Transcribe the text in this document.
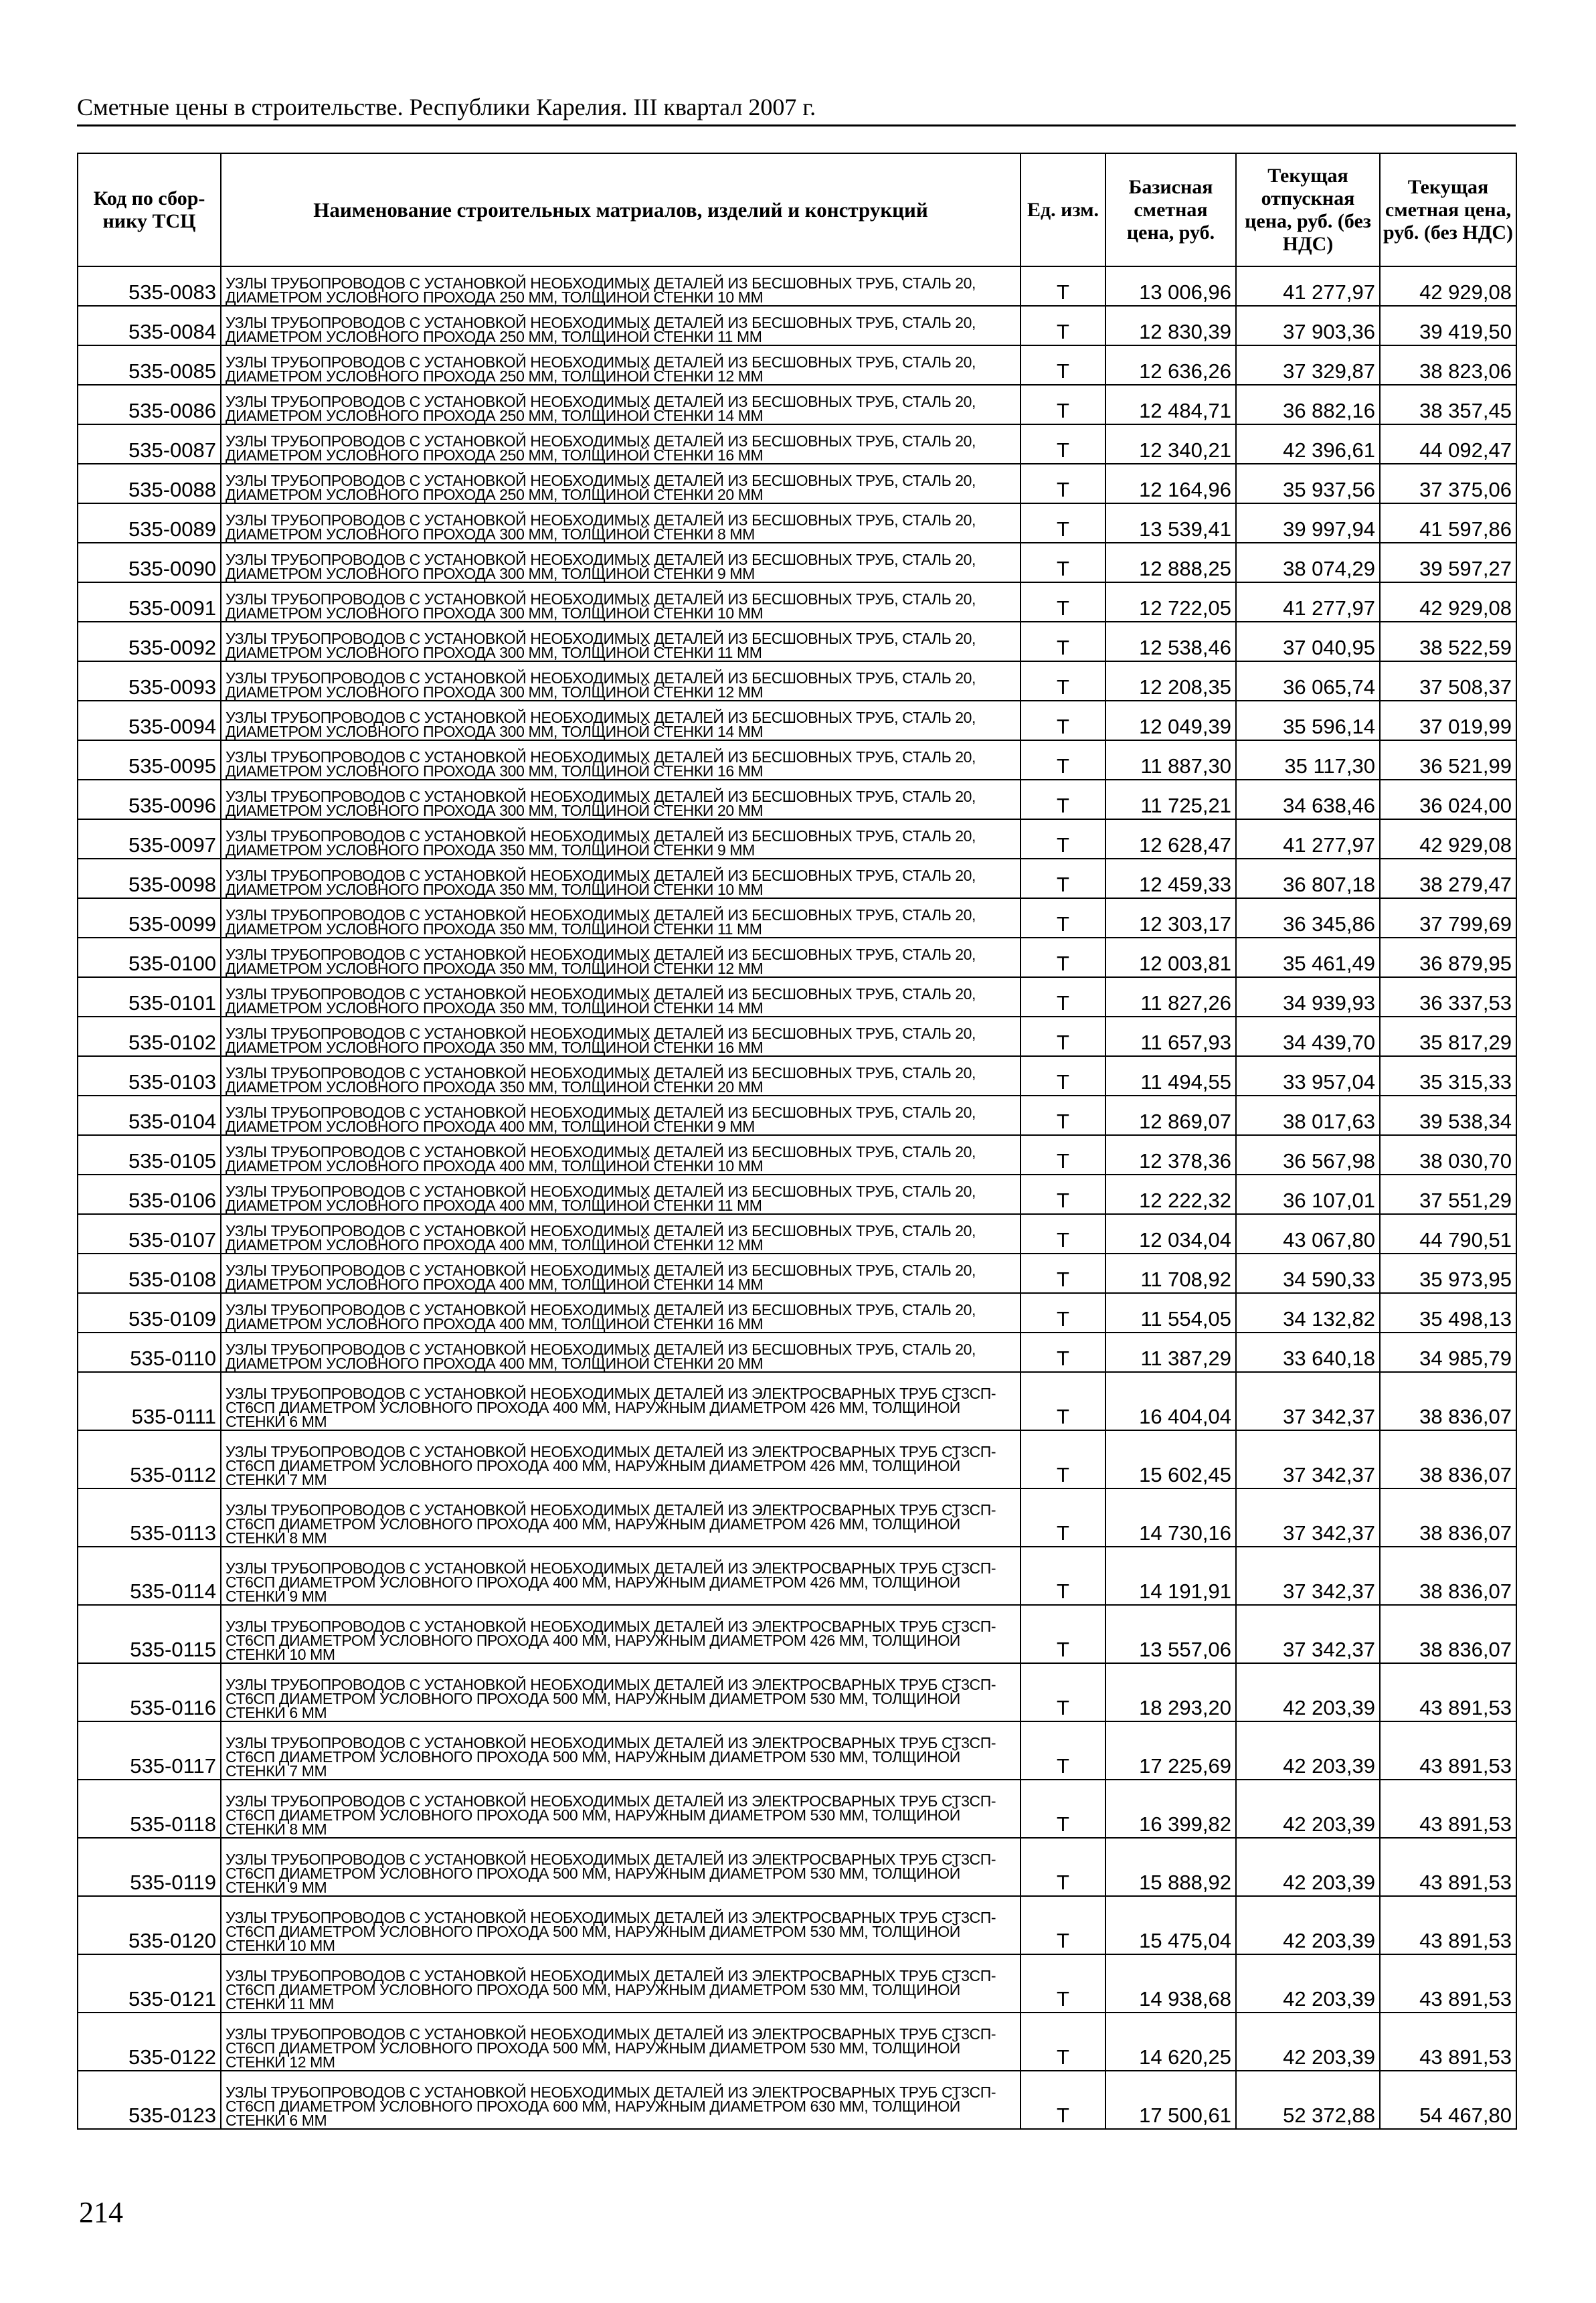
Сметные цены в строительстве. Республики Карелия. III квартал 2007 г.
Код по сбор- нику ТСЦ	Наименование строительных матриалов, изделий и конструкций	Ед. изм.	Базисная сметная цена, руб.	Текущая отпускная цена, руб. (без НДС)	Текущая сметная цена, руб. (без НДС)
535-0083	УЗЛЫ ТРУБОПРОВОДОВ С УСТАНОВКОЙ НЕОБХОДИМЫХ ДЕТАЛЕЙ ИЗ БЕСШОВНЫХ ТРУБ, СТАЛЬ 20, ДИАМЕТРОМ УСЛОВНОГО ПРОХОДА 250 ММ, ТОЛЩИНОЙ СТЕНКИ 10 ММ	Т	13 006,96	41 277,97	42 929,08
535-0084	УЗЛЫ ТРУБОПРОВОДОВ С УСТАНОВКОЙ НЕОБХОДИМЫХ ДЕТАЛЕЙ ИЗ БЕСШОВНЫХ ТРУБ, СТАЛЬ 20, ДИАМЕТРОМ УСЛОВНОГО ПРОХОДА 250 ММ, ТОЛЩИНОЙ СТЕНКИ 11 ММ	Т	12 830,39	37 903,36	39 419,50
535-0085	УЗЛЫ ТРУБОПРОВОДОВ С УСТАНОВКОЙ НЕОБХОДИМЫХ ДЕТАЛЕЙ ИЗ БЕСШОВНЫХ ТРУБ, СТАЛЬ 20, ДИАМЕТРОМ УСЛОВНОГО ПРОХОДА 250 ММ, ТОЛЩИНОЙ СТЕНКИ 12 ММ	Т	12 636,26	37 329,87	38 823,06
535-0086	УЗЛЫ ТРУБОПРОВОДОВ С УСТАНОВКОЙ НЕОБХОДИМЫХ ДЕТАЛЕЙ ИЗ БЕСШОВНЫХ ТРУБ, СТАЛЬ 20, ДИАМЕТРОМ УСЛОВНОГО ПРОХОДА 250 ММ, ТОЛЩИНОЙ СТЕНКИ 14 ММ	Т	12 484,71	36 882,16	38 357,45
535-0087	УЗЛЫ ТРУБОПРОВОДОВ С УСТАНОВКОЙ НЕОБХОДИМЫХ ДЕТАЛЕЙ ИЗ БЕСШОВНЫХ ТРУБ, СТАЛЬ 20, ДИАМЕТРОМ УСЛОВНОГО ПРОХОДА 250 ММ, ТОЛЩИНОЙ СТЕНКИ 16 ММ	Т	12 340,21	42 396,61	44 092,47
535-0088	УЗЛЫ ТРУБОПРОВОДОВ С УСТАНОВКОЙ НЕОБХОДИМЫХ ДЕТАЛЕЙ ИЗ БЕСШОВНЫХ ТРУБ, СТАЛЬ 20, ДИАМЕТРОМ УСЛОВНОГО ПРОХОДА 250 ММ, ТОЛЩИНОЙ СТЕНКИ 20 ММ	Т	12 164,96	35 937,56	37 375,06
535-0089	УЗЛЫ ТРУБОПРОВОДОВ С УСТАНОВКОЙ НЕОБХОДИМЫХ ДЕТАЛЕЙ ИЗ БЕСШОВНЫХ ТРУБ, СТАЛЬ 20, ДИАМЕТРОМ УСЛОВНОГО ПРОХОДА 300 ММ, ТОЛЩИНОЙ СТЕНКИ 8 ММ	Т	13 539,41	39 997,94	41 597,86
535-0090	УЗЛЫ ТРУБОПРОВОДОВ С УСТАНОВКОЙ НЕОБХОДИМЫХ ДЕТАЛЕЙ ИЗ БЕСШОВНЫХ ТРУБ, СТАЛЬ 20, ДИАМЕТРОМ УСЛОВНОГО ПРОХОДА 300 ММ, ТОЛЩИНОЙ СТЕНКИ 9 ММ	Т	12 888,25	38 074,29	39 597,27
535-0091	УЗЛЫ ТРУБОПРОВОДОВ С УСТАНОВКОЙ НЕОБХОДИМЫХ ДЕТАЛЕЙ ИЗ БЕСШОВНЫХ ТРУБ, СТАЛЬ 20, ДИАМЕТРОМ УСЛОВНОГО ПРОХОДА 300 ММ, ТОЛЩИНОЙ СТЕНКИ 10 ММ	Т	12 722,05	41 277,97	42 929,08
535-0092	УЗЛЫ ТРУБОПРОВОДОВ С УСТАНОВКОЙ НЕОБХОДИМЫХ ДЕТАЛЕЙ ИЗ БЕСШОВНЫХ ТРУБ, СТАЛЬ 20, ДИАМЕТРОМ УСЛОВНОГО ПРОХОДА 300 ММ, ТОЛЩИНОЙ СТЕНКИ 11 ММ	Т	12 538,46	37 040,95	38 522,59
535-0093	УЗЛЫ ТРУБОПРОВОДОВ С УСТАНОВКОЙ НЕОБХОДИМЫХ ДЕТАЛЕЙ ИЗ БЕСШОВНЫХ ТРУБ, СТАЛЬ 20, ДИАМЕТРОМ УСЛОВНОГО ПРОХОДА 300 ММ, ТОЛЩИНОЙ СТЕНКИ 12 ММ	Т	12 208,35	36 065,74	37 508,37
535-0094	УЗЛЫ ТРУБОПРОВОДОВ С УСТАНОВКОЙ НЕОБХОДИМЫХ ДЕТАЛЕЙ ИЗ БЕСШОВНЫХ ТРУБ, СТАЛЬ 20, ДИАМЕТРОМ УСЛОВНОГО ПРОХОДА 300 ММ, ТОЛЩИНОЙ СТЕНКИ 14 ММ	Т	12 049,39	35 596,14	37 019,99
535-0095	УЗЛЫ ТРУБОПРОВОДОВ С УСТАНОВКОЙ НЕОБХОДИМЫХ ДЕТАЛЕЙ ИЗ БЕСШОВНЫХ ТРУБ, СТАЛЬ 20, ДИАМЕТРОМ УСЛОВНОГО ПРОХОДА 300 ММ, ТОЛЩИНОЙ СТЕНКИ 16 ММ	Т	11 887,30	35 117,30	36 521,99
535-0096	УЗЛЫ ТРУБОПРОВОДОВ С УСТАНОВКОЙ НЕОБХОДИМЫХ ДЕТАЛЕЙ ИЗ БЕСШОВНЫХ ТРУБ, СТАЛЬ 20, ДИАМЕТРОМ УСЛОВНОГО ПРОХОДА 300 ММ, ТОЛЩИНОЙ СТЕНКИ 20 ММ	Т	11 725,21	34 638,46	36 024,00
535-0097	УЗЛЫ ТРУБОПРОВОДОВ С УСТАНОВКОЙ НЕОБХОДИМЫХ ДЕТАЛЕЙ ИЗ БЕСШОВНЫХ ТРУБ, СТАЛЬ 20, ДИАМЕТРОМ УСЛОВНОГО ПРОХОДА 350 ММ, ТОЛЩИНОЙ СТЕНКИ 9 ММ	Т	12 628,47	41 277,97	42 929,08
535-0098	УЗЛЫ ТРУБОПРОВОДОВ С УСТАНОВКОЙ НЕОБХОДИМЫХ ДЕТАЛЕЙ ИЗ БЕСШОВНЫХ ТРУБ, СТАЛЬ 20, ДИАМЕТРОМ УСЛОВНОГО ПРОХОДА 350 ММ, ТОЛЩИНОЙ СТЕНКИ 10 ММ	Т	12 459,33	36 807,18	38 279,47
535-0099	УЗЛЫ ТРУБОПРОВОДОВ С УСТАНОВКОЙ НЕОБХОДИМЫХ ДЕТАЛЕЙ ИЗ БЕСШОВНЫХ ТРУБ, СТАЛЬ 20, ДИАМЕТРОМ УСЛОВНОГО ПРОХОДА 350 ММ, ТОЛЩИНОЙ СТЕНКИ 11 ММ	Т	12 303,17	36 345,86	37 799,69
535-0100	УЗЛЫ ТРУБОПРОВОДОВ С УСТАНОВКОЙ НЕОБХОДИМЫХ ДЕТАЛЕЙ ИЗ БЕСШОВНЫХ ТРУБ, СТАЛЬ 20, ДИАМЕТРОМ УСЛОВНОГО ПРОХОДА 350 ММ, ТОЛЩИНОЙ СТЕНКИ 12 ММ	Т	12 003,81	35 461,49	36 879,95
535-0101	УЗЛЫ ТРУБОПРОВОДОВ С УСТАНОВКОЙ НЕОБХОДИМЫХ ДЕТАЛЕЙ ИЗ БЕСШОВНЫХ ТРУБ, СТАЛЬ 20, ДИАМЕТРОМ УСЛОВНОГО ПРОХОДА 350 ММ, ТОЛЩИНОЙ СТЕНКИ 14 ММ	Т	11 827,26	34 939,93	36 337,53
535-0102	УЗЛЫ ТРУБОПРОВОДОВ С УСТАНОВКОЙ НЕОБХОДИМЫХ ДЕТАЛЕЙ ИЗ БЕСШОВНЫХ ТРУБ, СТАЛЬ 20, ДИАМЕТРОМ УСЛОВНОГО ПРОХОДА 350 ММ, ТОЛЩИНОЙ СТЕНКИ 16 ММ	Т	11 657,93	34 439,70	35 817,29
535-0103	УЗЛЫ ТРУБОПРОВОДОВ С УСТАНОВКОЙ НЕОБХОДИМЫХ ДЕТАЛЕЙ ИЗ БЕСШОВНЫХ ТРУБ, СТАЛЬ 20, ДИАМЕТРОМ УСЛОВНОГО ПРОХОДА 350 ММ, ТОЛЩИНОЙ СТЕНКИ 20 ММ	Т	11 494,55	33 957,04	35 315,33
535-0104	УЗЛЫ ТРУБОПРОВОДОВ С УСТАНОВКОЙ НЕОБХОДИМЫХ ДЕТАЛЕЙ ИЗ БЕСШОВНЫХ ТРУБ, СТАЛЬ 20, ДИАМЕТРОМ УСЛОВНОГО ПРОХОДА 400 ММ, ТОЛЩИНОЙ СТЕНКИ 9 ММ	Т	12 869,07	38 017,63	39 538,34
535-0105	УЗЛЫ ТРУБОПРОВОДОВ С УСТАНОВКОЙ НЕОБХОДИМЫХ ДЕТАЛЕЙ ИЗ БЕСШОВНЫХ ТРУБ, СТАЛЬ 20, ДИАМЕТРОМ УСЛОВНОГО ПРОХОДА 400 ММ, ТОЛЩИНОЙ СТЕНКИ 10 ММ	Т	12 378,36	36 567,98	38 030,70
535-0106	УЗЛЫ ТРУБОПРОВОДОВ С УСТАНОВКОЙ НЕОБХОДИМЫХ ДЕТАЛЕЙ ИЗ БЕСШОВНЫХ ТРУБ, СТАЛЬ 20, ДИАМЕТРОМ УСЛОВНОГО ПРОХОДА 400 ММ, ТОЛЩИНОЙ СТЕНКИ 11 ММ	Т	12 222,32	36 107,01	37 551,29
535-0107	УЗЛЫ ТРУБОПРОВОДОВ С УСТАНОВКОЙ НЕОБХОДИМЫХ ДЕТАЛЕЙ ИЗ БЕСШОВНЫХ ТРУБ, СТАЛЬ 20, ДИАМЕТРОМ УСЛОВНОГО ПРОХОДА 400 ММ, ТОЛЩИНОЙ СТЕНКИ 12 ММ	Т	12 034,04	43 067,80	44 790,51
535-0108	УЗЛЫ ТРУБОПРОВОДОВ С УСТАНОВКОЙ НЕОБХОДИМЫХ ДЕТАЛЕЙ ИЗ БЕСШОВНЫХ ТРУБ, СТАЛЬ 20, ДИАМЕТРОМ УСЛОВНОГО ПРОХОДА 400 ММ, ТОЛЩИНОЙ СТЕНКИ 14 ММ	Т	11 708,92	34 590,33	35 973,95
535-0109	УЗЛЫ ТРУБОПРОВОДОВ С УСТАНОВКОЙ НЕОБХОДИМЫХ ДЕТАЛЕЙ ИЗ БЕСШОВНЫХ ТРУБ, СТАЛЬ 20, ДИАМЕТРОМ УСЛОВНОГО ПРОХОДА 400 ММ, ТОЛЩИНОЙ СТЕНКИ 16 ММ	Т	11 554,05	34 132,82	35 498,13
535-0110	УЗЛЫ ТРУБОПРОВОДОВ С УСТАНОВКОЙ НЕОБХОДИМЫХ ДЕТАЛЕЙ ИЗ БЕСШОВНЫХ ТРУБ, СТАЛЬ 20, ДИАМЕТРОМ УСЛОВНОГО ПРОХОДА 400 ММ, ТОЛЩИНОЙ СТЕНКИ 20 ММ	Т	11 387,29	33 640,18	34 985,79
535-0111	УЗЛЫ ТРУБОПРОВОДОВ С УСТАНОВКОЙ НЕОБХОДИМЫХ ДЕТАЛЕЙ ИЗ ЭЛЕКТРОСВАРНЫХ ТРУБ СТ3СП-СТ6СП ДИАМЕТРОМ УСЛОВНОГО ПРОХОДА 400 ММ, НАРУЖНЫМ ДИАМЕТРОМ 426 ММ, ТОЛЩИНОЙ СТЕНКИ 6 ММ	Т	16 404,04	37 342,37	38 836,07
535-0112	УЗЛЫ ТРУБОПРОВОДОВ С УСТАНОВКОЙ НЕОБХОДИМЫХ ДЕТАЛЕЙ ИЗ ЭЛЕКТРОСВАРНЫХ ТРУБ СТ3СП-СТ6СП ДИАМЕТРОМ УСЛОВНОГО ПРОХОДА 400 ММ, НАРУЖНЫМ ДИАМЕТРОМ 426 ММ, ТОЛЩИНОЙ СТЕНКИ 7 ММ	Т	15 602,45	37 342,37	38 836,07
535-0113	УЗЛЫ ТРУБОПРОВОДОВ С УСТАНОВКОЙ НЕОБХОДИМЫХ ДЕТАЛЕЙ ИЗ ЭЛЕКТРОСВАРНЫХ ТРУБ СТ3СП-СТ6СП ДИАМЕТРОМ УСЛОВНОГО ПРОХОДА 400 ММ, НАРУЖНЫМ ДИАМЕТРОМ 426 ММ, ТОЛЩИНОЙ СТЕНКИ 8 ММ	Т	14 730,16	37 342,37	38 836,07
535-0114	УЗЛЫ ТРУБОПРОВОДОВ С УСТАНОВКОЙ НЕОБХОДИМЫХ ДЕТАЛЕЙ ИЗ ЭЛЕКТРОСВАРНЫХ ТРУБ СТ3СП-СТ6СП ДИАМЕТРОМ УСЛОВНОГО ПРОХОДА 400 ММ, НАРУЖНЫМ ДИАМЕТРОМ 426 ММ, ТОЛЩИНОЙ СТЕНКИ 9 ММ	Т	14 191,91	37 342,37	38 836,07
535-0115	УЗЛЫ ТРУБОПРОВОДОВ С УСТАНОВКОЙ НЕОБХОДИМЫХ ДЕТАЛЕЙ ИЗ ЭЛЕКТРОСВАРНЫХ ТРУБ СТ3СП-СТ6СП ДИАМЕТРОМ УСЛОВНОГО ПРОХОДА 400 ММ, НАРУЖНЫМ ДИАМЕТРОМ 426 ММ, ТОЛЩИНОЙ СТЕНКИ 10 ММ	Т	13 557,06	37 342,37	38 836,07
535-0116	УЗЛЫ ТРУБОПРОВОДОВ С УСТАНОВКОЙ НЕОБХОДИМЫХ ДЕТАЛЕЙ ИЗ ЭЛЕКТРОСВАРНЫХ ТРУБ СТ3СП-СТ6СП ДИАМЕТРОМ УСЛОВНОГО ПРОХОДА 500 ММ, НАРУЖНЫМ ДИАМЕТРОМ 530 ММ, ТОЛЩИНОЙ СТЕНКИ 6 ММ	Т	18 293,20	42 203,39	43 891,53
535-0117	УЗЛЫ ТРУБОПРОВОДОВ С УСТАНОВКОЙ НЕОБХОДИМЫХ ДЕТАЛЕЙ ИЗ ЭЛЕКТРОСВАРНЫХ ТРУБ СТ3СП-СТ6СП ДИАМЕТРОМ УСЛОВНОГО ПРОХОДА 500 ММ, НАРУЖНЫМ ДИАМЕТРОМ 530 ММ, ТОЛЩИНОЙ СТЕНКИ 7 ММ	Т	17 225,69	42 203,39	43 891,53
535-0118	УЗЛЫ ТРУБОПРОВОДОВ С УСТАНОВКОЙ НЕОБХОДИМЫХ ДЕТАЛЕЙ ИЗ ЭЛЕКТРОСВАРНЫХ ТРУБ СТ3СП-СТ6СП ДИАМЕТРОМ УСЛОВНОГО ПРОХОДА 500 ММ, НАРУЖНЫМ ДИАМЕТРОМ 530 ММ, ТОЛЩИНОЙ СТЕНКИ 8 ММ	Т	16 399,82	42 203,39	43 891,53
535-0119	УЗЛЫ ТРУБОПРОВОДОВ С УСТАНОВКОЙ НЕОБХОДИМЫХ ДЕТАЛЕЙ ИЗ ЭЛЕКТРОСВАРНЫХ ТРУБ СТ3СП-СТ6СП ДИАМЕТРОМ УСЛОВНОГО ПРОХОДА 500 ММ, НАРУЖНЫМ ДИАМЕТРОМ 530 ММ, ТОЛЩИНОЙ СТЕНКИ 9 ММ	Т	15 888,92	42 203,39	43 891,53
535-0120	УЗЛЫ ТРУБОПРОВОДОВ С УСТАНОВКОЙ НЕОБХОДИМЫХ ДЕТАЛЕЙ ИЗ ЭЛЕКТРОСВАРНЫХ ТРУБ СТ3СП-СТ6СП ДИАМЕТРОМ УСЛОВНОГО ПРОХОДА 500 ММ, НАРУЖНЫМ ДИАМЕТРОМ 530 ММ, ТОЛЩИНОЙ СТЕНКИ 10 ММ	Т	15 475,04	42 203,39	43 891,53
535-0121	УЗЛЫ ТРУБОПРОВОДОВ С УСТАНОВКОЙ НЕОБХОДИМЫХ ДЕТАЛЕЙ ИЗ ЭЛЕКТРОСВАРНЫХ ТРУБ СТ3СП-СТ6СП ДИАМЕТРОМ УСЛОВНОГО ПРОХОДА 500 ММ, НАРУЖНЫМ ДИАМЕТРОМ 530 ММ, ТОЛЩИНОЙ СТЕНКИ 11 ММ	Т	14 938,68	42 203,39	43 891,53
535-0122	УЗЛЫ ТРУБОПРОВОДОВ С УСТАНОВКОЙ НЕОБХОДИМЫХ ДЕТАЛЕЙ ИЗ ЭЛЕКТРОСВАРНЫХ ТРУБ СТ3СП-СТ6СП ДИАМЕТРОМ УСЛОВНОГО ПРОХОДА 500 ММ, НАРУЖНЫМ ДИАМЕТРОМ 530 ММ, ТОЛЩИНОЙ СТЕНКИ 12 ММ	Т	14 620,25	42 203,39	43 891,53
535-0123	УЗЛЫ ТРУБОПРОВОДОВ С УСТАНОВКОЙ НЕОБХОДИМЫХ ДЕТАЛЕЙ ИЗ ЭЛЕКТРОСВАРНЫХ ТРУБ СТ3СП-СТ6СП ДИАМЕТРОМ УСЛОВНОГО ПРОХОДА 600 ММ, НАРУЖНЫМ ДИАМЕТРОМ 630 ММ, ТОЛЩИНОЙ СТЕНКИ 6 ММ	Т	17 500,61	52 372,88	54 467,80
214
